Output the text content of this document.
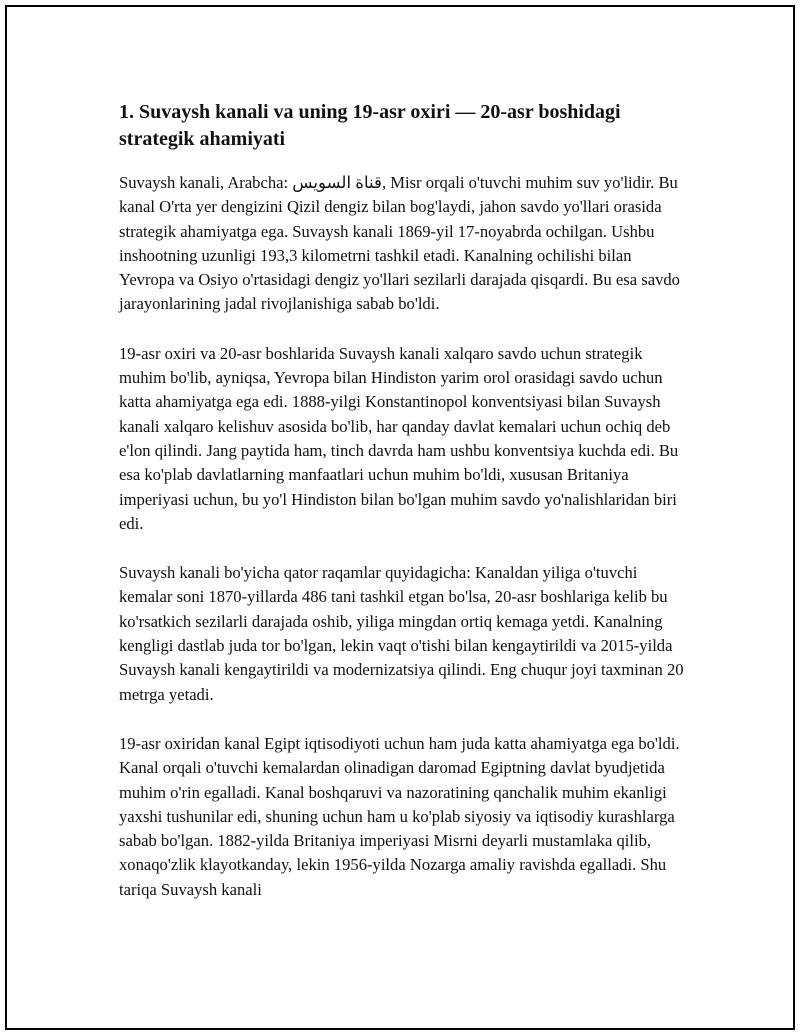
1. Suvaysh kanali va uning 19-asr oxiri — 20-asr boshidagi strategik ahamiyati

Suvaysh kanali, Arabcha: قناة السويس, Misr orqali o'tuvchi muhim suv yo'lidir. Bu kanal O'rta yer dengizini Qizil dengiz bilan bog'laydi, jahon savdo yo'llari orasida strategik ahamiyatga ega. Suvaysh kanali 1869-yil 17-noyabrda ochilgan. Ushbu inshootning uzunligi 193,3 kilometrni tashkil etadi. Kanalning ochilishi bilan Yevropa va Osiyo o'rtasidagi dengiz yo'llari sezilarli darajada qisqardi. Bu esa savdo jarayonlarining jadal rivojlanishiga sabab bo'ldi.

19-asr oxiri va 20-asr boshlarida Suvaysh kanali xalqaro savdo uchun strategik muhim bo'lib, ayniqsa, Yevropa bilan Hindiston yarim orol orasidagi savdo uchun katta ahamiyatga ega edi. 1888-yilgi Konstantinopol konventsiyasi bilan Suvaysh kanali xalqaro kelishuv asosida bo'lib, har qanday davlat kemalari uchun ochiq deb e'lon qilindi. Jang paytida ham, tinch davrda ham ushbu konventsiya kuchda edi. Bu esa ko'plab davlatlarning manfaatlari uchun muhim bo'ldi, xususan Britaniya imperiyasi uchun, bu yo'l Hindiston bilan bo'lgan muhim savdo yo'nalishlaridan biri edi.

Suvaysh kanali bo'yicha qator raqamlar quyidagicha: Kanaldan yiliga o'tuvchi kemalar soni 1870-yillarda 486 tani tashkil etgan bo'lsa, 20-asr boshlariga kelib bu ko'rsatkich sezilarli darajada oshib, yiliga mingdan ortiq kemaga yetdi. Kanalning kengligi dastlab juda tor bo'lgan, lekin vaqt o'tishi bilan kengaytirildi va 2015-yilda Suvaysh kanali kengaytirildi va modernizatsiya qilindi. Eng chuqur joyi taxminan 20 metrga yetadi.

19-asr oxiridan kanal Egipt iqtisodiyoti uchun ham juda katta ahamiyatga ega bo'ldi. Kanal orqali o'tuvchi kemalardan olinadigan daromad Egiptning davlat byudjetida muhim o'rin egalladi. Kanal boshqaruvi va nazoratining qanchalik muhim ekanligi yaxshi tushunilar edi, shuning uchun ham u ko'plab siyosiy va iqtisodiy kurashlarga sabab bo'lgan. 1882-yilda Britaniya imperiyasi Misrni deyarli mustamlaka qilib, xonaqo'zlik klayotkanday, lekin 1956-yilda Nozarga amaliy ravishda egalladi. Shu tariqa Suvaysh kanali
